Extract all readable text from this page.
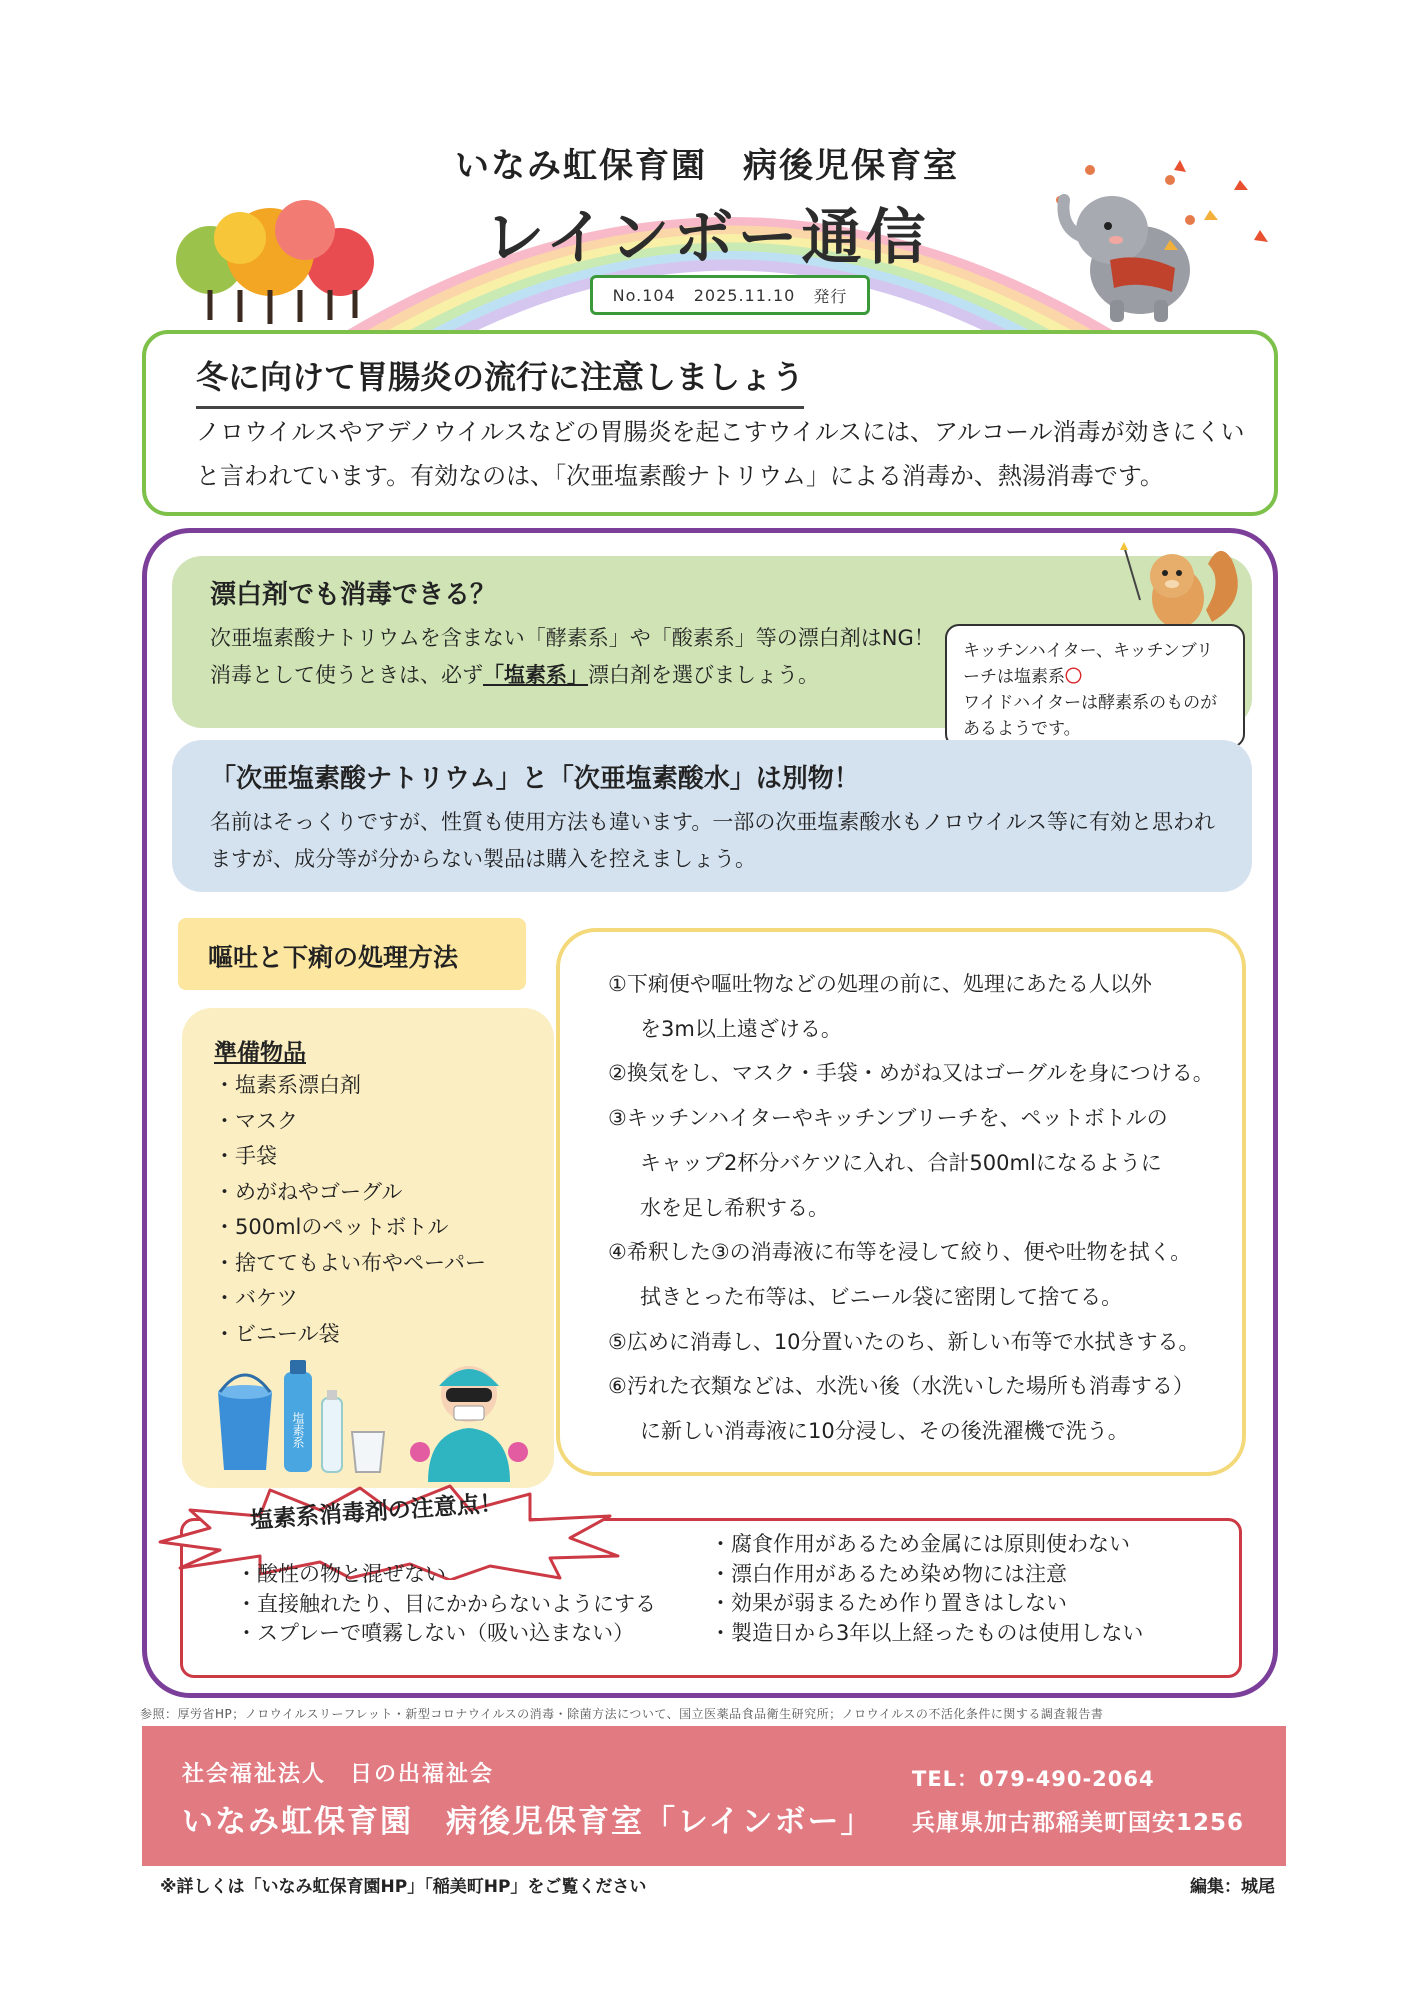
いなみ虹保育園　病後児保育室
レインボー通信
No.104 2025.11.10 発行
冬に向けて胃腸炎の流行に注意しましょう
ノロウイルスやアデノウイルスなどの胃腸炎を起こすウイルスには、アルコール消毒が効きにくいと言われています。有効なのは、「次亜塩素酸ナトリウム」による消毒か、熱湯消毒です。
漂白剤でも消毒できる？
次亜塩素酸ナトリウムを含まない「酵素系」や「酸素系」等の漂白剤はNG！
消毒として使うときは、必ず「塩素系」漂白剤を選びましょう。
キッチンハイター、キッチンブリーチは塩素系〇
ワイドハイターは酵素系のものがあるようです。
「次亜塩素酸ナトリウム」と「次亜塩素酸水」は別物！
名前はそっくりですが、性質も使用方法も違います。一部の次亜塩素酸水もノロウイルス等に有効と思われますが、成分等が分からない製品は購入を控えましょう。
嘔吐と下痢の処理方法
準備物品
・塩素系漂白剤
・マスク
・手袋
・めがねやゴーグル
・500mlのペットボトル
・捨ててもよい布やペーパー
・バケツ
・ビニール袋
塩素系
①下痢便や嘔吐物などの処理の前に、処理にあたる人以外
を3m以上遠ざける。
②換気をし、マスク・手袋・めがね又はゴーグルを身につける。
③キッチンハイターやキッチンブリーチを、ペットボトルの
キャップ2杯分バケツに入れ、合計500mlになるように
水を足し希釈する。
④希釈した③の消毒液に布等を浸して絞り、便や吐物を拭く。
拭きとった布等は、ビニール袋に密閉して捨てる。
⑤広めに消毒し、10分置いたのち、新しい布等で水拭きする。
⑥汚れた衣類などは、水洗い後（水洗いした場所も消毒する）
に新しい消毒液に10分浸し、その後洗濯機で洗う。
塩素系消毒剤の注意点！
・酸性の物と混ぜない
・直接触れたり、目にかからないようにする
・スプレーで噴霧しない（吸い込まない）
・腐食作用があるため金属には原則使わない
・漂白作用があるため染め物には注意
・効果が弱まるため作り置きはしない
・製造日から3年以上経ったものは使用しない
参照：厚労省HP；ノロウイルスリーフレット・新型コロナウイルスの消毒・除菌方法について、国立医薬品食品衛生研究所；ノロウイルスの不活化条件に関する調査報告書
社会福祉法人　日の出福祉会
いなみ虹保育園　病後児保育室「レインボー」
TEL：079-490-2064
兵庫県加古郡稲美町国安1256
※詳しくは「いなみ虹保育園HP」「稲美町HP」をご覧ください	編集：城尾
